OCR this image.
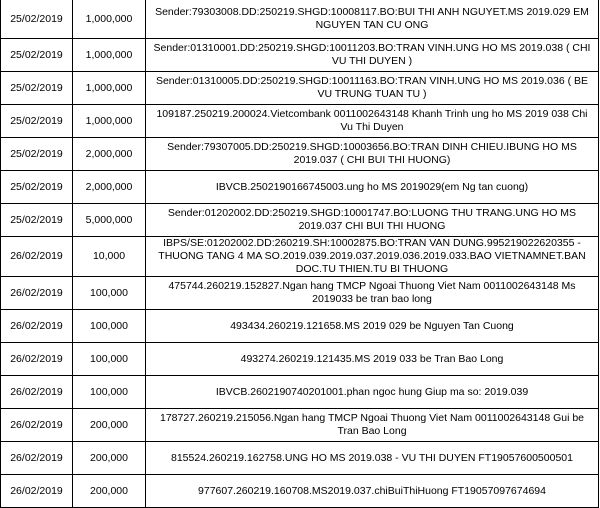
25/02/2019	1,000,000	Sender:79303008.DD:250219.SHGD:10008117.BO:BUI THI ANH NGUYET.MS 2019.029 EM NGUYEN TAN CU ONG
25/02/2019	1,000,000	Sender:01310001.DD:250219.SHGD:10011203.BO:TRAN VINH.UNG HO MS 2019.038 ( CHI VU THI DUYEN )
25/02/2019	1,000,000	Sender:01310005.DD:250219.SHGD:10011163.BO:TRAN VINH.UNG HO MS 2019.036 ( BE VU TRUNG TUAN TU )
25/02/2019	1,000,000	109187.250219.200024.Vietcombank 0011002643148 Khanh Trinh ung ho MS 2019 038 Chi Vu Thi Duyen
25/02/2019	2,000,000	Sender:79307005.DD:250219.SHGD:10003656.BO:TRAN DINH CHIEU.IBUNG HO MS 2019.037 ( CHI BUI THI HUONG)
25/02/2019	2,000,000	IBVCB.2502190166745003.ung ho MS 2019029(em Ng tan cuong)
25/02/2019	5,000,000	Sender:01202002.DD:250219.SHGD:10001747.BO:LUONG THU TRANG.UNG HO MS 2019.037 CHI BUI THI HUONG
26/02/2019	10,000	IBPS/SE:01202002.DD:260219.SH:10002875.BO:TRAN VAN DUNG.995219022620355 - THUONG TANG 4 MA SO.2019.039.2019.037.2019.036.2019.033.BAO VIETNAMNET.BAN DOC.TU THIEN.TU BI THUONG
26/02/2019	100,000	475744.260219.152827.Ngan hang TMCP Ngoai Thuong Viet Nam 0011002643148 Ms 2019033 be tran bao long
26/02/2019	100,000	493434.260219.121658.MS 2019 029 be Nguyen Tan Cuong
26/02/2019	100,000	493274.260219.121435.MS 2019 033 be Tran Bao Long
26/02/2019	100,000	IBVCB.2602190740201001.phan ngoc hung Giup ma so: 2019.039
26/02/2019	200,000	178727.260219.215056.Ngan hang TMCP Ngoai Thuong Viet Nam 0011002643148 Gui be Tran Bao Long
26/02/2019	200,000	815524.260219.162758.UNG HO MS 2019.038 - VU THI DUYEN FT19057600500501
26/02/2019	200,000	977607.260219.160708.MS2019.037.chiBuiThiHuong FT19057097674694
